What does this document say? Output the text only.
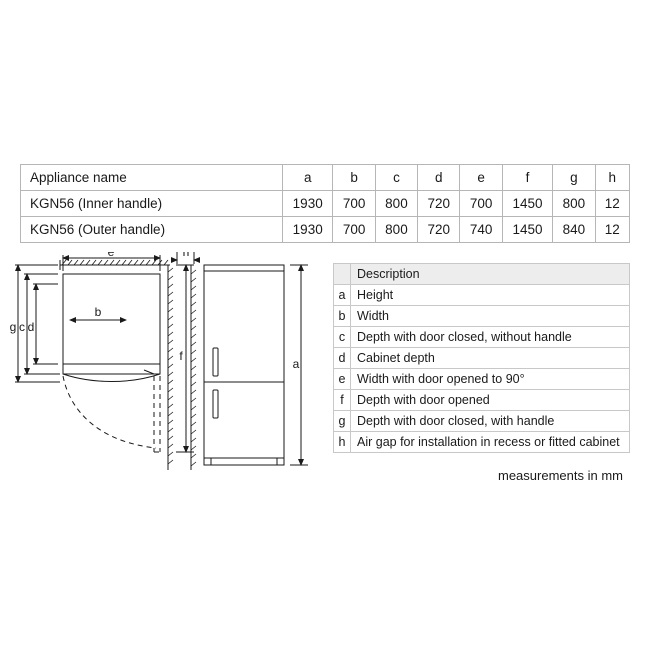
Appliance name	a	b	c	d	e	f	g	h
KGN56 (Inner handle)	1930	700	800	720	700	1450	800	12
KGN56 (Outer handle)	1930	700	800	720	740	1450	840	12
	Description
a	Height
b	Width
c	Depth with door closed, without handle
d	Cabinet depth
e	Width with door opened to 90°
f	Depth with door opened
g	Depth with door closed, with handle
h	Air gap for installation in recess or fitted cabinet
e
b
g c d
f
h
a
measurements in mm
